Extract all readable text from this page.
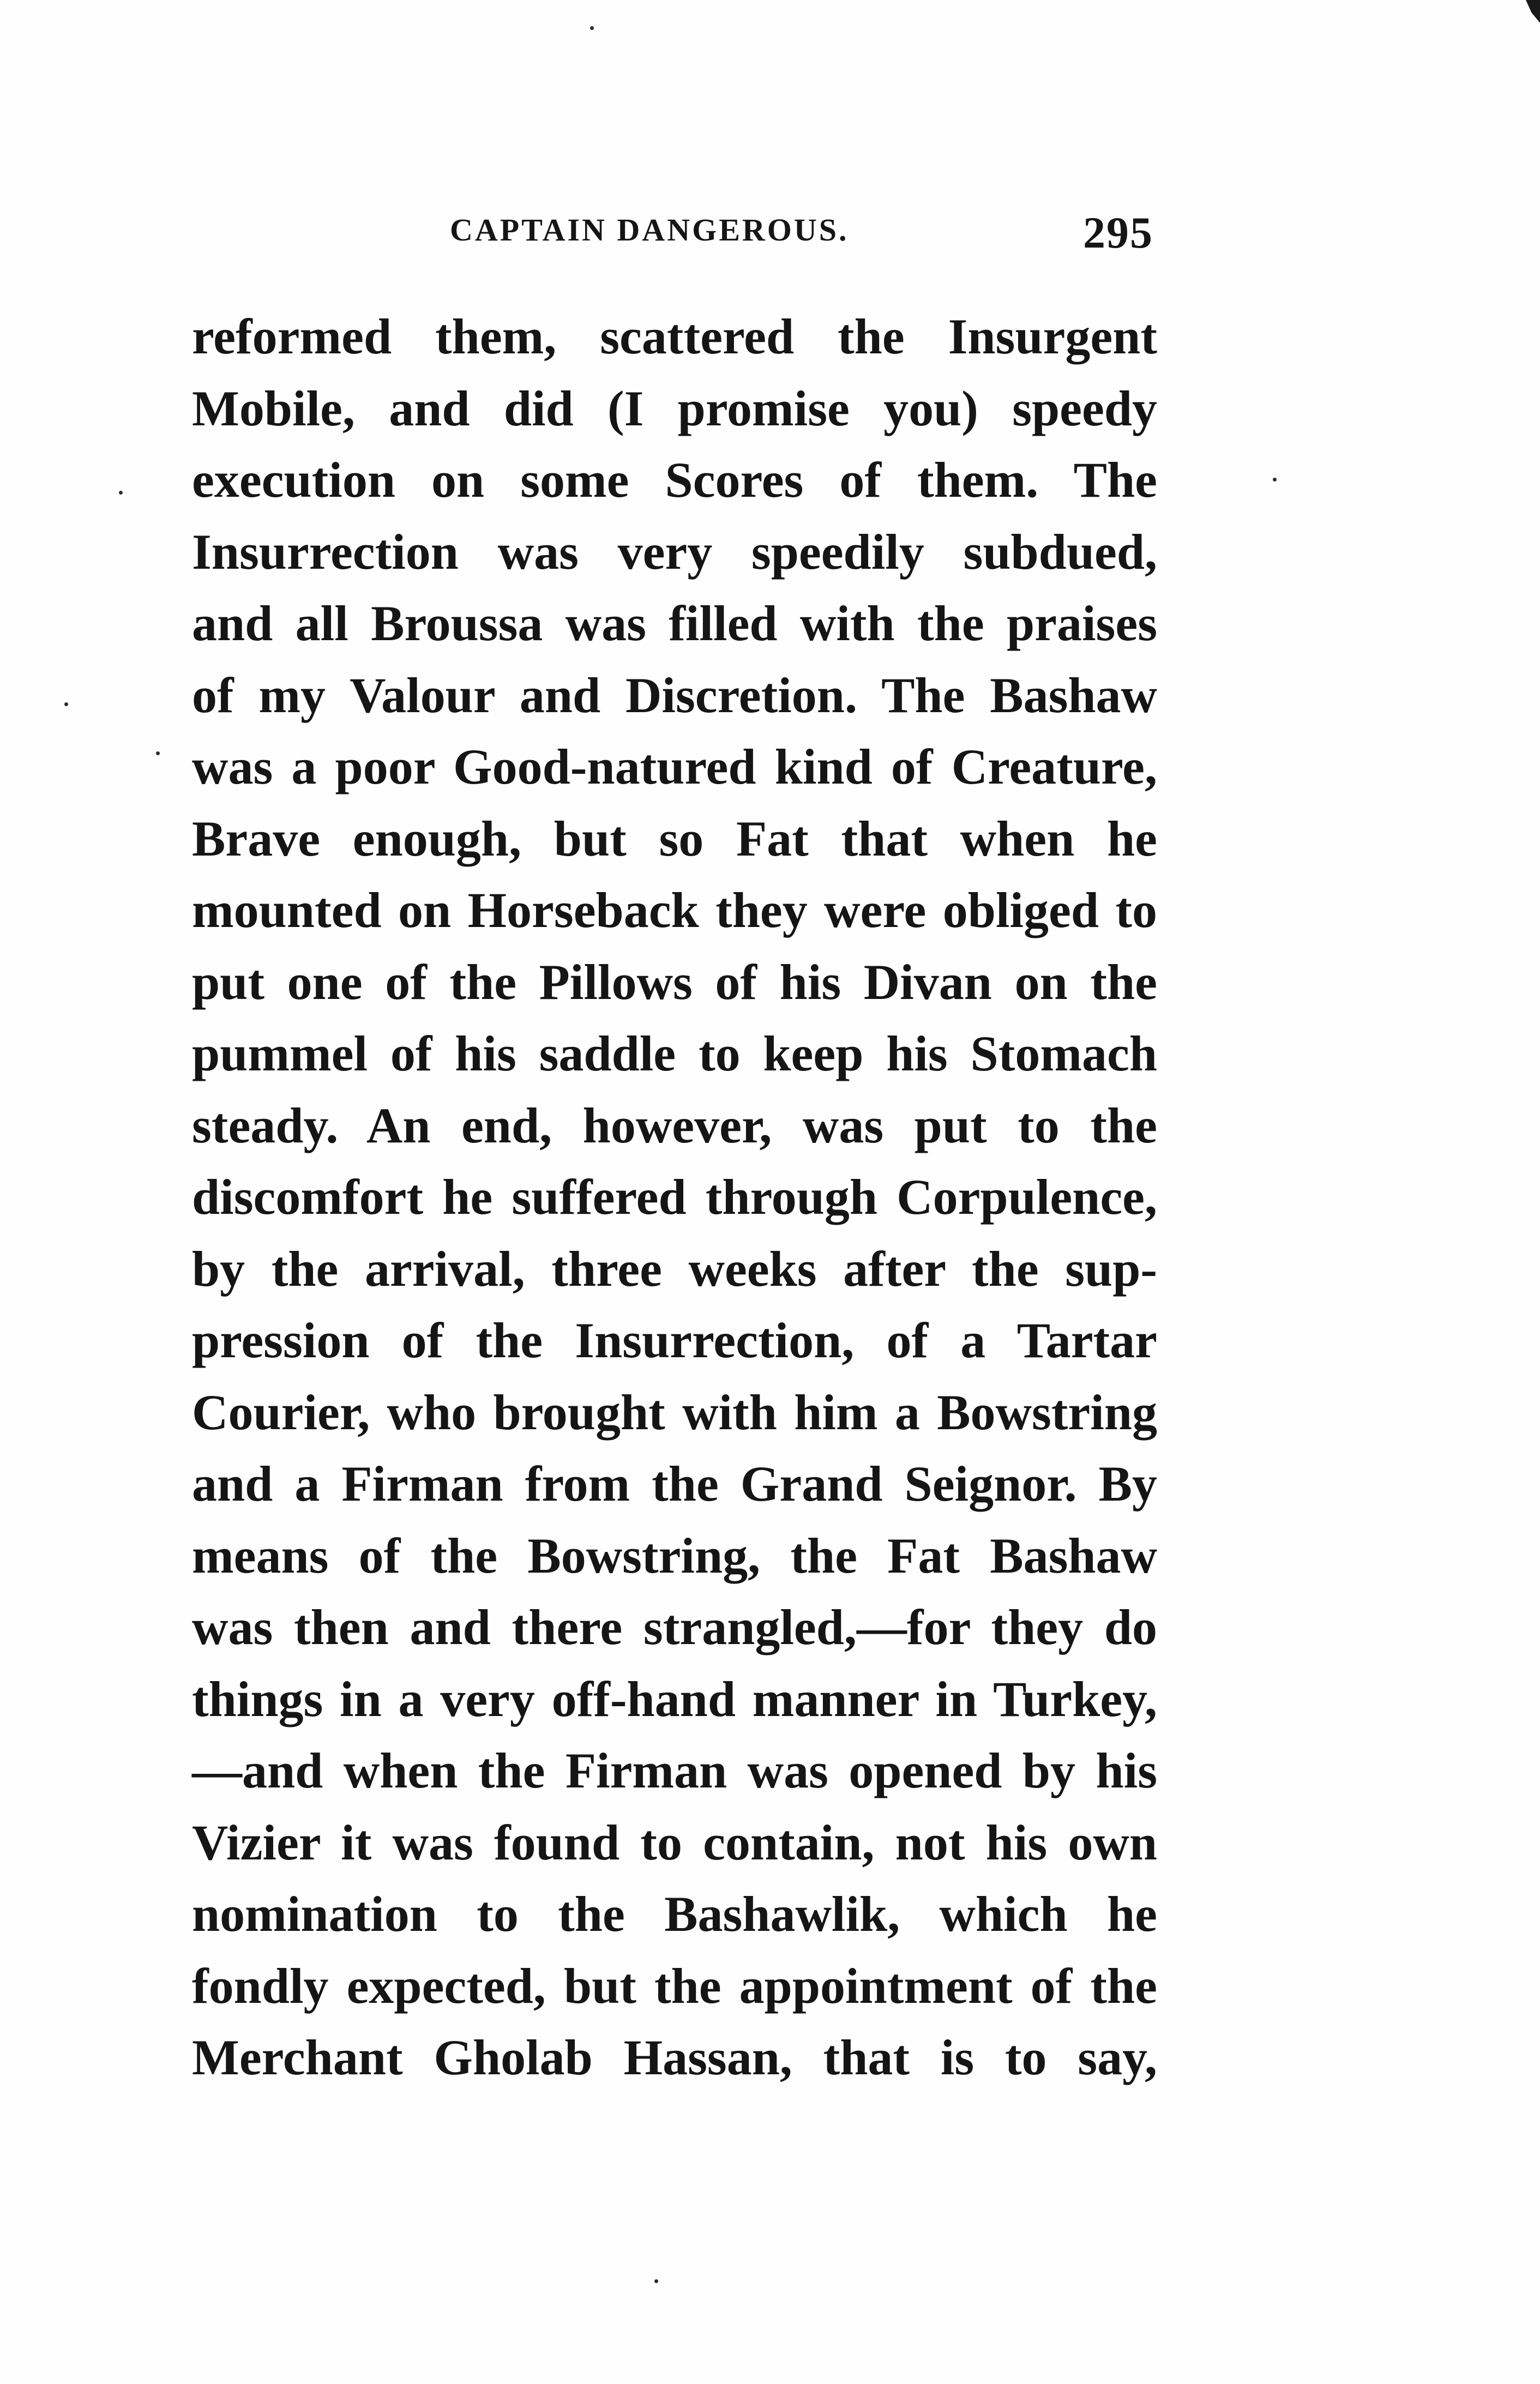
CAPTAIN DANGEROUS.	295
reformed them, scattered the Insurgent
Mobile, and did (I promise you) speedy
execution on some Scores of them. The
Insurrection was very speedily subdued,
and all Broussa was filled with the praises
of my Valour and Discretion. The Bashaw
was a poor Good-natured kind of Creature,
Brave enough, but so Fat that when he
mounted on Horseback they were obliged to
put one of the Pillows of his Divan on the
pummel of his saddle to keep his Stomach
steady. An end, however, was put to the
discomfort he suffered through Corpulence,
by the arrival, three weeks after the sup-
pression of the Insurrection, of a Tartar
Courier, who brought with him a Bowstring
and a Firman from the Grand Seignor. By
means of the Bowstring, the Fat Bashaw
was then and there strangled,—for they do
things in a very off-hand manner in Turkey,
—and when the Firman was opened by his
Vizier it was found to contain, not his own
nomination to the Bashawlik, which he
fondly expected, but the appointment of the
Merchant Gholab Hassan, that is to say,
